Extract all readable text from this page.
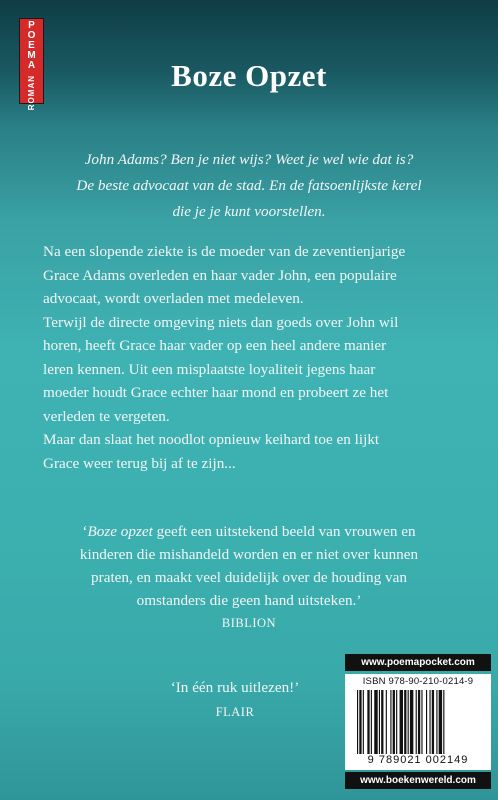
P
O
E
M
A
ROMAN	Boze Opzet
John Adams? Ben je niet wijs? Weet je wel wie dat is?
De beste advocaat van de stad. En de fatsoenlijkste kerel
die je je kunt voorstellen.

Na een slopende ziekte is de moeder van de zeventienjarige
Grace Adams overleden en haar vader John, een populaire
advocaat, wordt overladen met medeleven.

Terwijl de directe omgeving niets dan goeds over John wil
horen, heeft Grace haar vader op een heel andere manier
leren kennen. Uit een misplaatste loyaliteit jegens haar
moeder houdt Grace echter haar mond en probeert ze het
verleden te vergeten.

Maar dan slaat het noodlot opnieuw keihard toe en lijkt
Grace weer terug bij af te zijn...

‘Boze opzet geeft een uitstekend beeld van vrouwen en
kinderen die mishandeld worden en er niet over kunnen
praten, en maakt veel duidelijk over de houding van
omstanders die geen hand uitsteken.’
BIBLION
‘In één ruk uitlezen!’
FLAIR
www.poemapocket.com
ISBN 978-90-210-0214-9
9 789021 002149
www.boekenwereld.com
